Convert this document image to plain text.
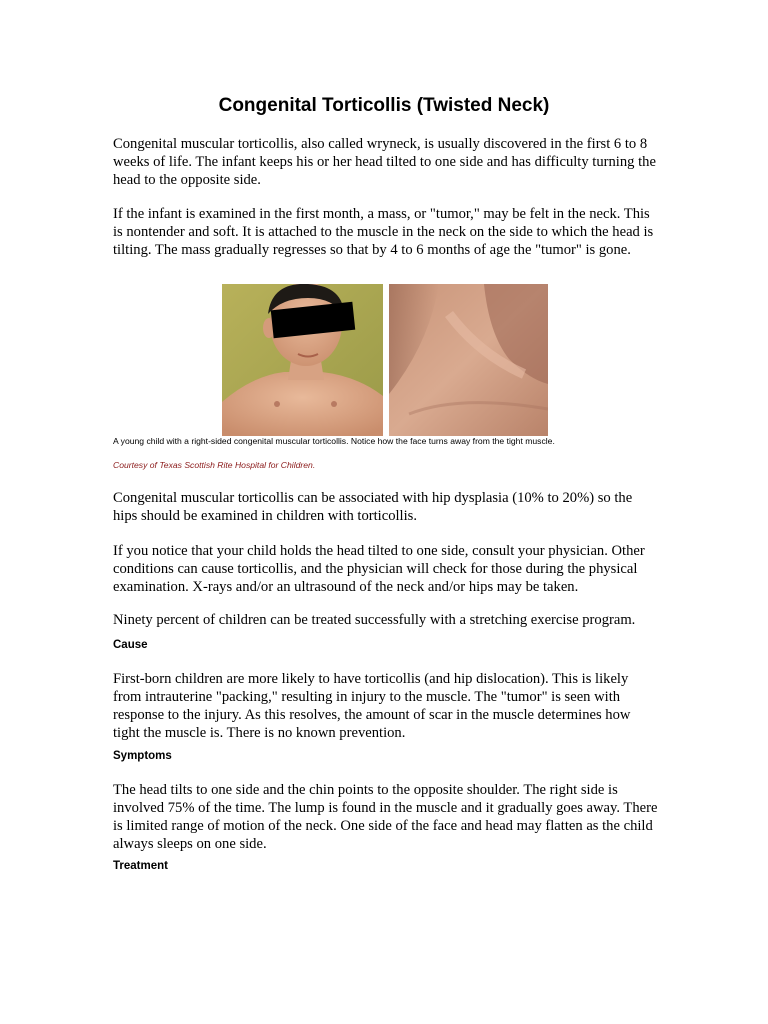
Congenital Torticollis (Twisted Neck)

Congenital muscular torticollis, also called wryneck, is usually discovered in the first 6 to 8 weeks of life. The infant keeps his or her head tilted to one side and has difficulty turning the head to the opposite side.

If the infant is examined in the first month, a mass, or "tumor," may be felt in the neck. This is nontender and soft. It is attached to the muscle in the neck on the side to which the head is tilting. The mass gradually regresses so that by 4 to 6 months of age the "tumor" is gone.

A young child with a right-sided congenital muscular torticollis. Notice how the face turns away from the tight muscle.

Courtesy of Texas Scottish Rite Hospital for Children.

Congenital muscular torticollis can be associated with hip dysplasia (10% to 20%) so the hips should be examined in children with torticollis.

If you notice that your child holds the head tilted to one side, consult your physician. Other conditions can cause torticollis, and the physician will check for those during the physical examination. X-rays and/or an ultrasound of the neck and/or hips may be taken.

Ninety percent of children can be treated successfully with a stretching exercise program.

Cause

First-born children are more likely to have torticollis (and hip dislocation). This is likely from intrauterine "packing," resulting in injury to the muscle. The "tumor" is seen with response to the injury. As this resolves, the amount of scar in the muscle determines how tight the muscle is. There is no known prevention.

Symptoms

The head tilts to one side and the chin points to the opposite shoulder. The right side is involved 75% of the time. The lump is found in the muscle and it gradually goes away. There is limited range of motion of the neck. One side of the face and head may flatten as the child always sleeps on one side.

Treatment
